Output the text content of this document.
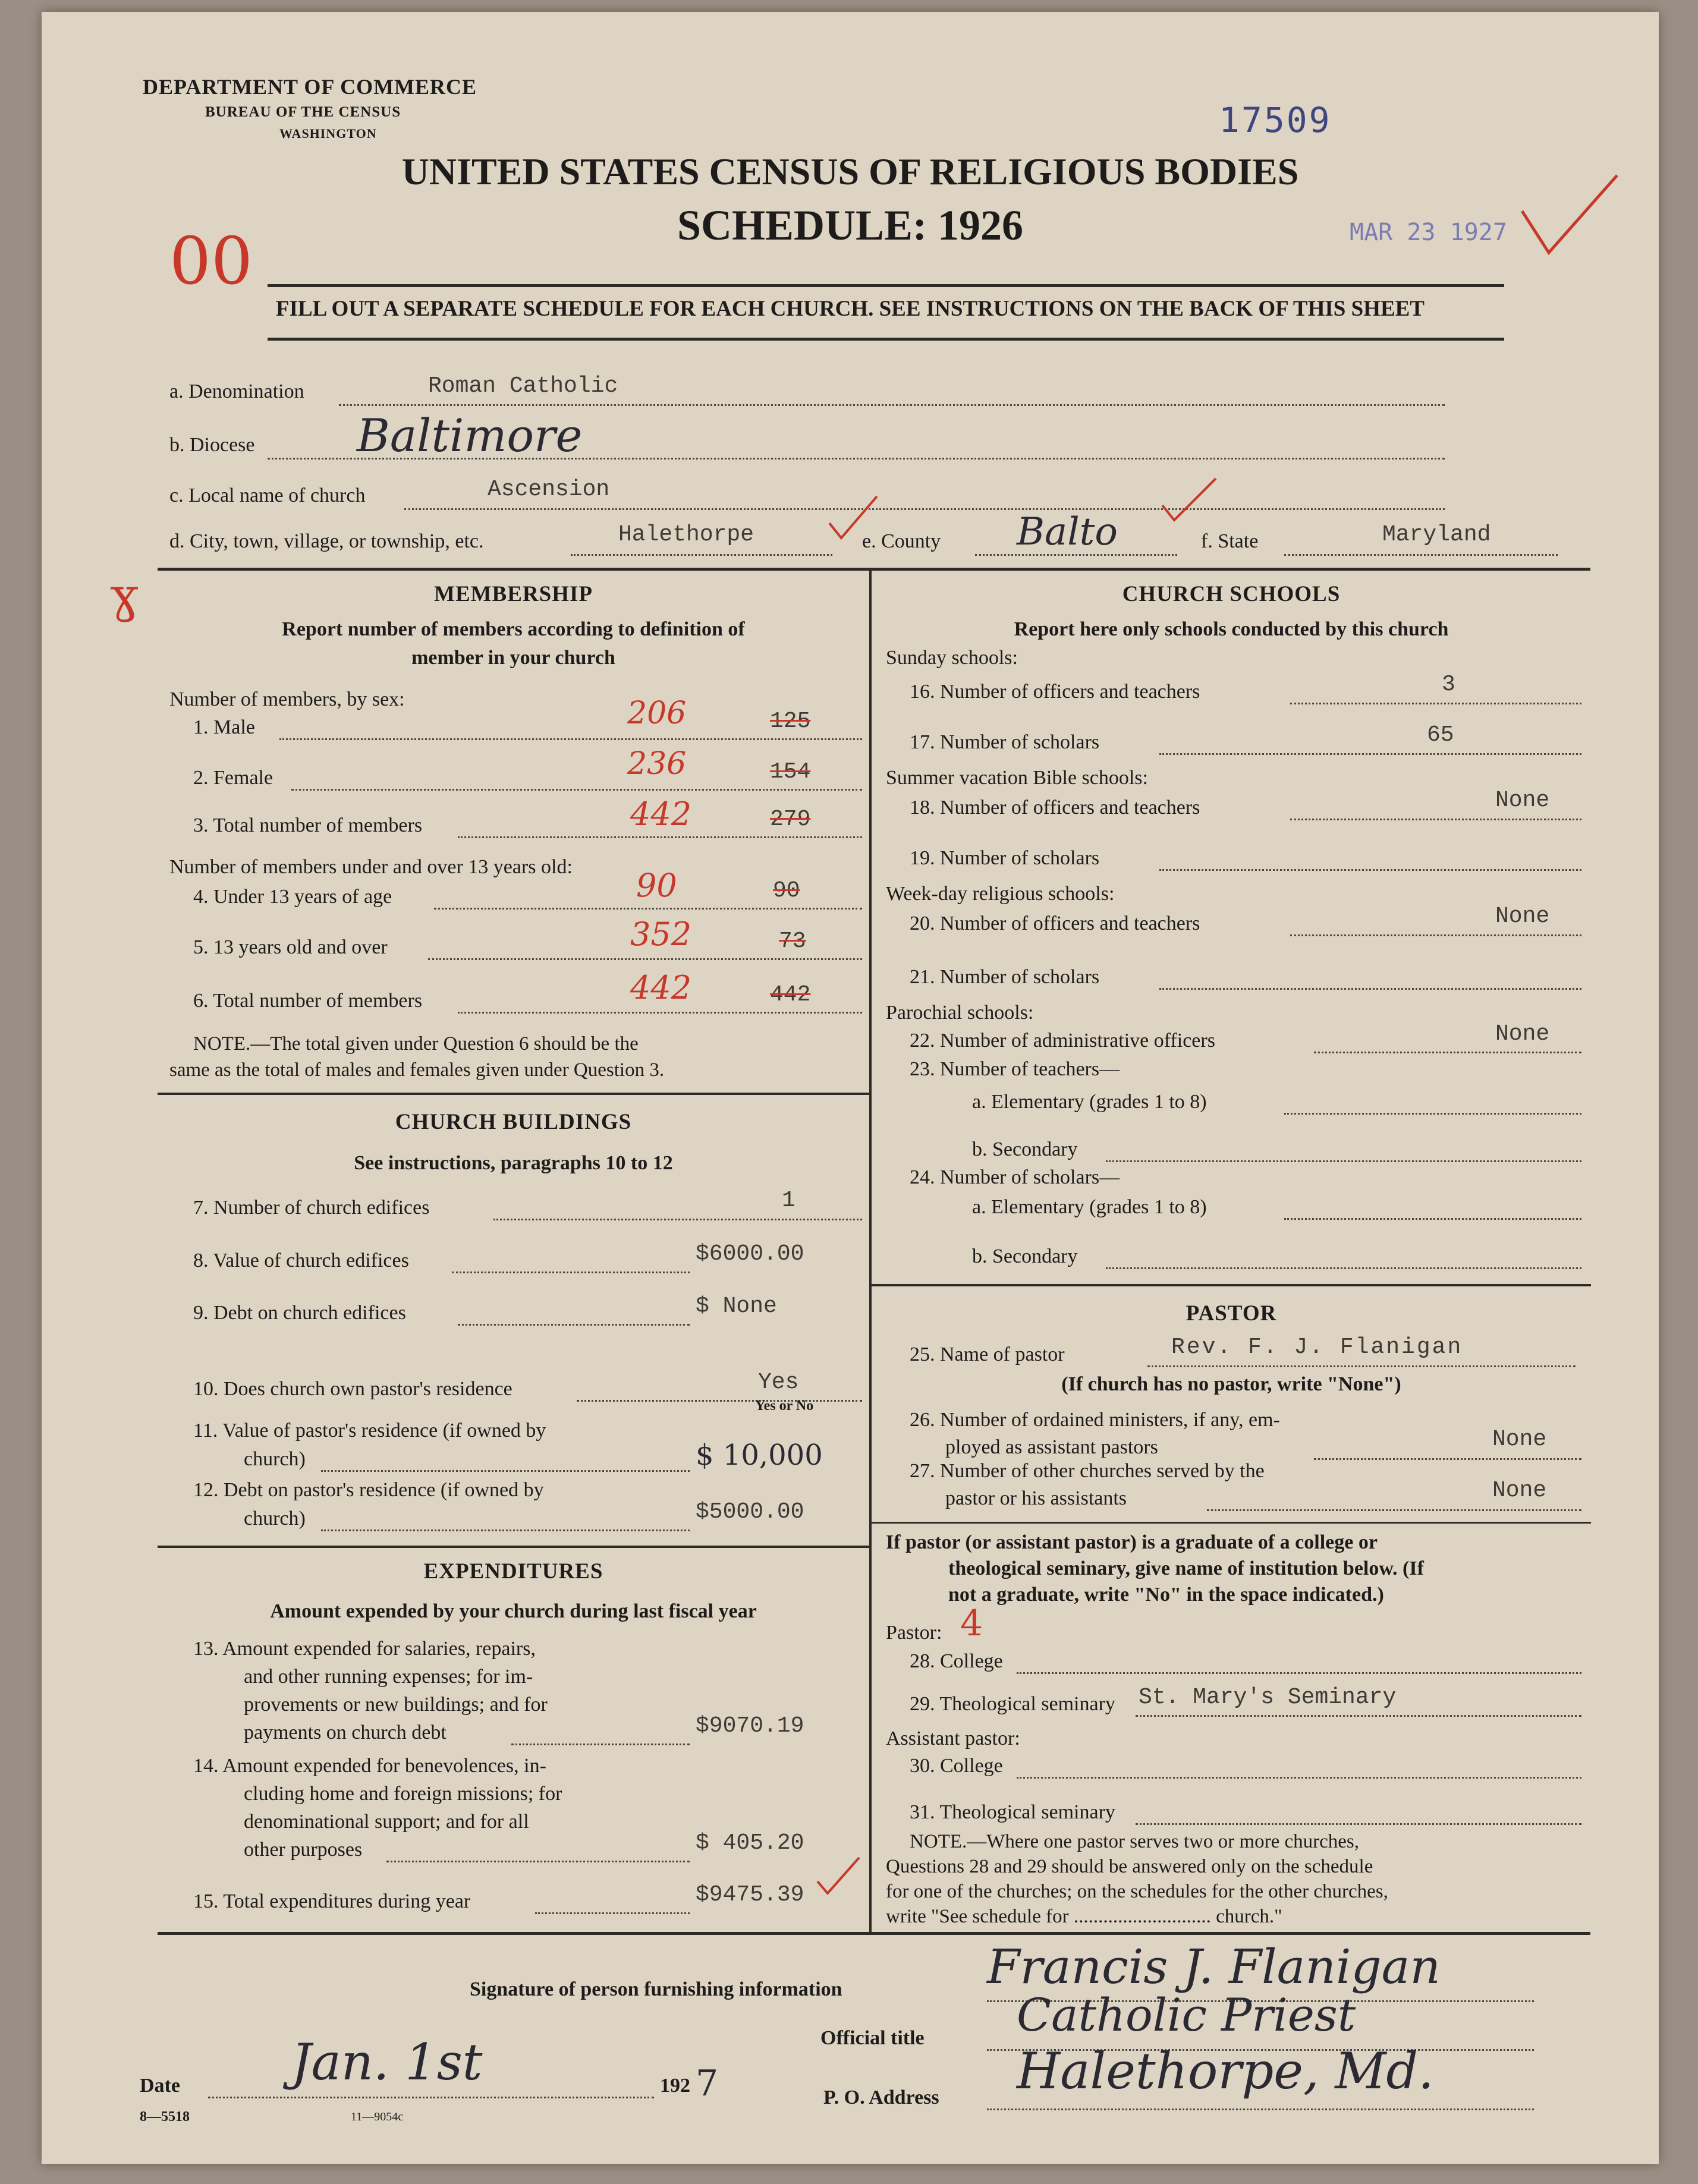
DEPARTMENT OF COMMERCE
BUREAU OF THE CENSUS
WASHINGTON	17509
MAR 23 1927
UNITED STATES CENSUS OF RELIGIOUS BODIES
SCHEDULE: 1926
00
FILL OUT A SEPARATE SCHEDULE FOR EACH CHURCH. SEE INSTRUCTIONS ON THE BACK OF THIS SHEET
a. Denomination	Roman Catholic
b. Diocese Baltimore
c. Local name of church	Ascension
d. City, town, village, or township, etc.	Halethorpe	e. County Balto	f. State	Maryland
ɣ	MEMBERSHIP
Report number of members according to definition of
member in your church
Number of members, by sex:
1. Male	206	125
2. Female	236	154
3. Total number of members	442	279
Number of members under and over 13 years old:
4. Under 13 years of age	90	90
5. 13 years old and over	352	73
6. Total number of members	442	442
NOTE.—The total given under Question 6 should be the
same as the total of males and females given under Question 3.
CHURCH BUILDINGS
See instructions, paragraphs 10 to 12
7. Number of church edifices	1
8. Value of church edifices	$6000.00
9. Debt on church edifices	$ None
10. Does church own pastor's residence	Yes
Yes or No
11. Value of pastor's residence (if owned by
church)	$ 10,000
12. Debt on pastor's residence (if owned by
church)	$5000.00
EXPENDITURES
Amount expended by your church during last fiscal year
13. Amount expended for salaries, repairs,
and other running expenses; for im-
provements or new buildings; and for
payments on church debt	$9070.19
14. Amount expended for benevolences, in-
cluding home and foreign missions; for
denominational support; and for all
other purposes	$ 405.20
15. Total expenditures during year	$9475.39
CHURCH SCHOOLS
Report here only schools conducted by this church
Sunday schools:
16. Number of officers and teachers	3
17. Number of scholars	65
Summer vacation Bible schools:
18. Number of officers and teachers	None
19. Number of scholars
Week-day religious schools:
20. Number of officers and teachers	None
21. Number of scholars
Parochial schools:
22. Number of administrative officers	None
23. Number of teachers—
a. Elementary (grades 1 to 8)
b. Secondary
24. Number of scholars—
a. Elementary (grades 1 to 8)
b. Secondary
PASTOR
25. Name of pastor	Rev. F. J. Flanigan
(If church has no pastor, write "None")
26. Number of ordained ministers, if any, em-
ployed as assistant pastors	None
27. Number of other churches served by the
pastor or his assistants	None
If pastor (or assistant pastor) is a graduate of a college or
theological seminary, give name of institution below. (If
not a graduate, write "No" in the space indicated.)
Pastor: 4
28. College
29. Theological seminary St. Mary's Seminary
Assistant pastor:
30. College
31. Theological seminary
NOTE.—Where one pastor serves two or more churches,
Questions 28 and 29 should be answered only on the schedule
for one of the churches; on the schedules for the other churches,
write "See schedule for ............................ church."
Signature of person furnishing information	Francis J. Flanigan
Official title Catholic Priest
Date Jan. 1st	192 7	P. O. Address Halethorpe, Md.
8—5518	11—9054c
